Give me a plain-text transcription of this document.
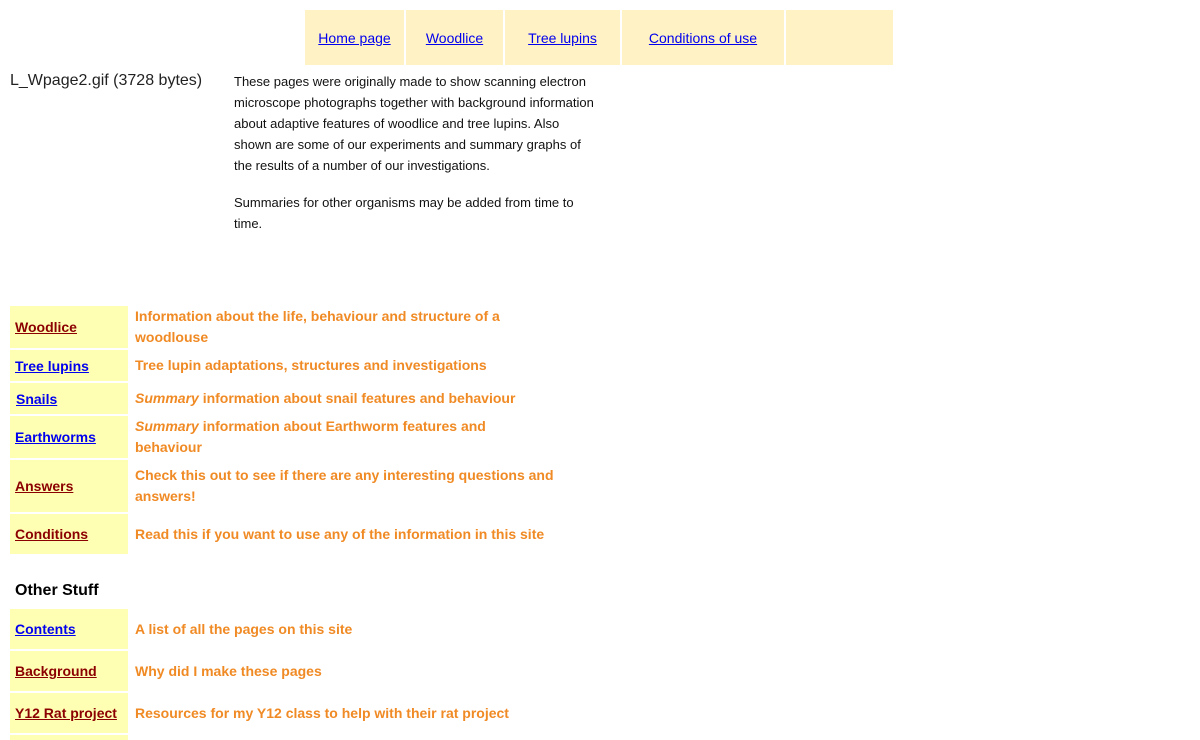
Home page	Woodlice	Tree lupins	Conditions of use
L_Wpage2.gif (3728 bytes) These pages were originally made to show scanning electron microscope photographs together with background information about adaptive features of woodlice and tree lupins. Also shown are some of our experiments and summary graphs of the results of a number of our investigations.

Summaries for other organisms may be added from time to time.

Woodlice	Information about the life, behaviour and structure of a woodlouse
Tree lupins	Tree lupin adaptations, structures and investigations
Snails	Summary information about snail features and behaviour
Earthworms	Summary information about Earthworm features and behaviour
Answers	Check this out to see if there are any interesting questions and answers!
Conditions	Read this if you want to use any of the information in this site
Other Stuff
Contents	A list of all the pages on this site
Background	Why did I make these pages
Y12 Rat project	Resources for my Y12 class to help with their rat project
